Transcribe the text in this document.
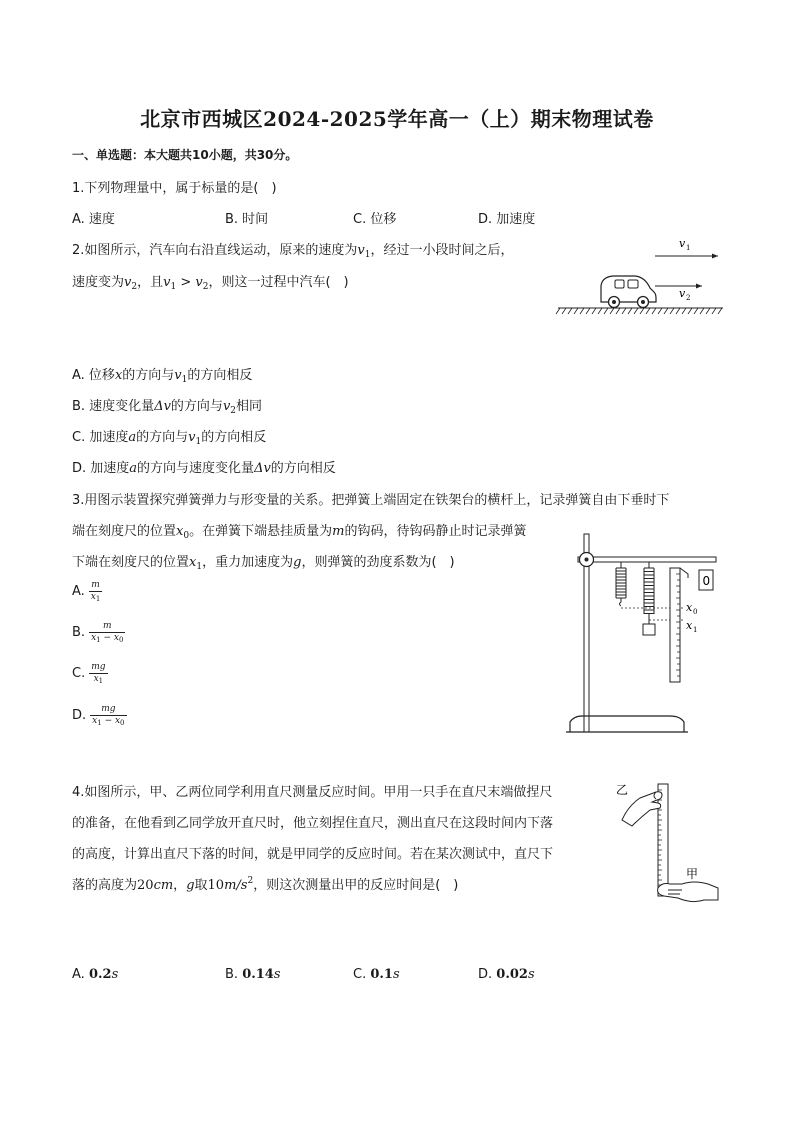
北京市西城区2024-2025学年高一（上）期末物理试卷
一、单选题：本大题共10小题，共30分。
1.下列物理量中，属于标量的是(　)
A. 速度	B. 时间	C. 位移	D. 加速度
2.如图所示，汽车向右沿直线运动，原来的速度为$v_1$，经过一小段时间之后，
速度变为$v_2$，且$v_1 > v_2$，则这一过程中汽车(　)
v 1
v 2
A. 位移x的方向与$v_1$的方向相反
B. 速度变化量Δv的方向与$v_2$相同
C. 加速度a的方向与$v_1$的方向相反
D. 加速度a的方向与速度变化量Δv的方向相反
3.用图示装置探究弹簧弹力与形变量的关系。把弹簧上端固定在铁架台的横杆上，记录弹簧自由下垂时下
端在刻度尺的位置$x_0$。在弹簧下端悬挂质量为m的钩码，待钩码静止时记录弹簧
下端在刻度尺的位置$x_1$，重力加速度为g，则弹簧的劲度系数为(　)
A. $\frac{m}{x_1}$
B. $\frac{m}{x_1 - x_0}$
C. $\frac{mg}{x_1}$
D. $\frac{mg}{x_1 - x_0}$
0
x 0
x 1
4.如图所示，甲、乙两位同学利用直尺测量反应时间。甲用一只手在直尺末端做捏尺
的准备，在他看到乙同学放开直尺时，他立刻捏住直尺，测出直尺在这段时间内下落
的高度，计算出直尺下落的时间，就是甲同学的反应时间。若在某次测试中，直尺下
落的高度为20cm，g取$10m/s^2$，则这次测量出甲的反应时间是(　)
乙
甲
A. 0.2s	B. 0.14s	C. 0.1s	D. 0.02s
